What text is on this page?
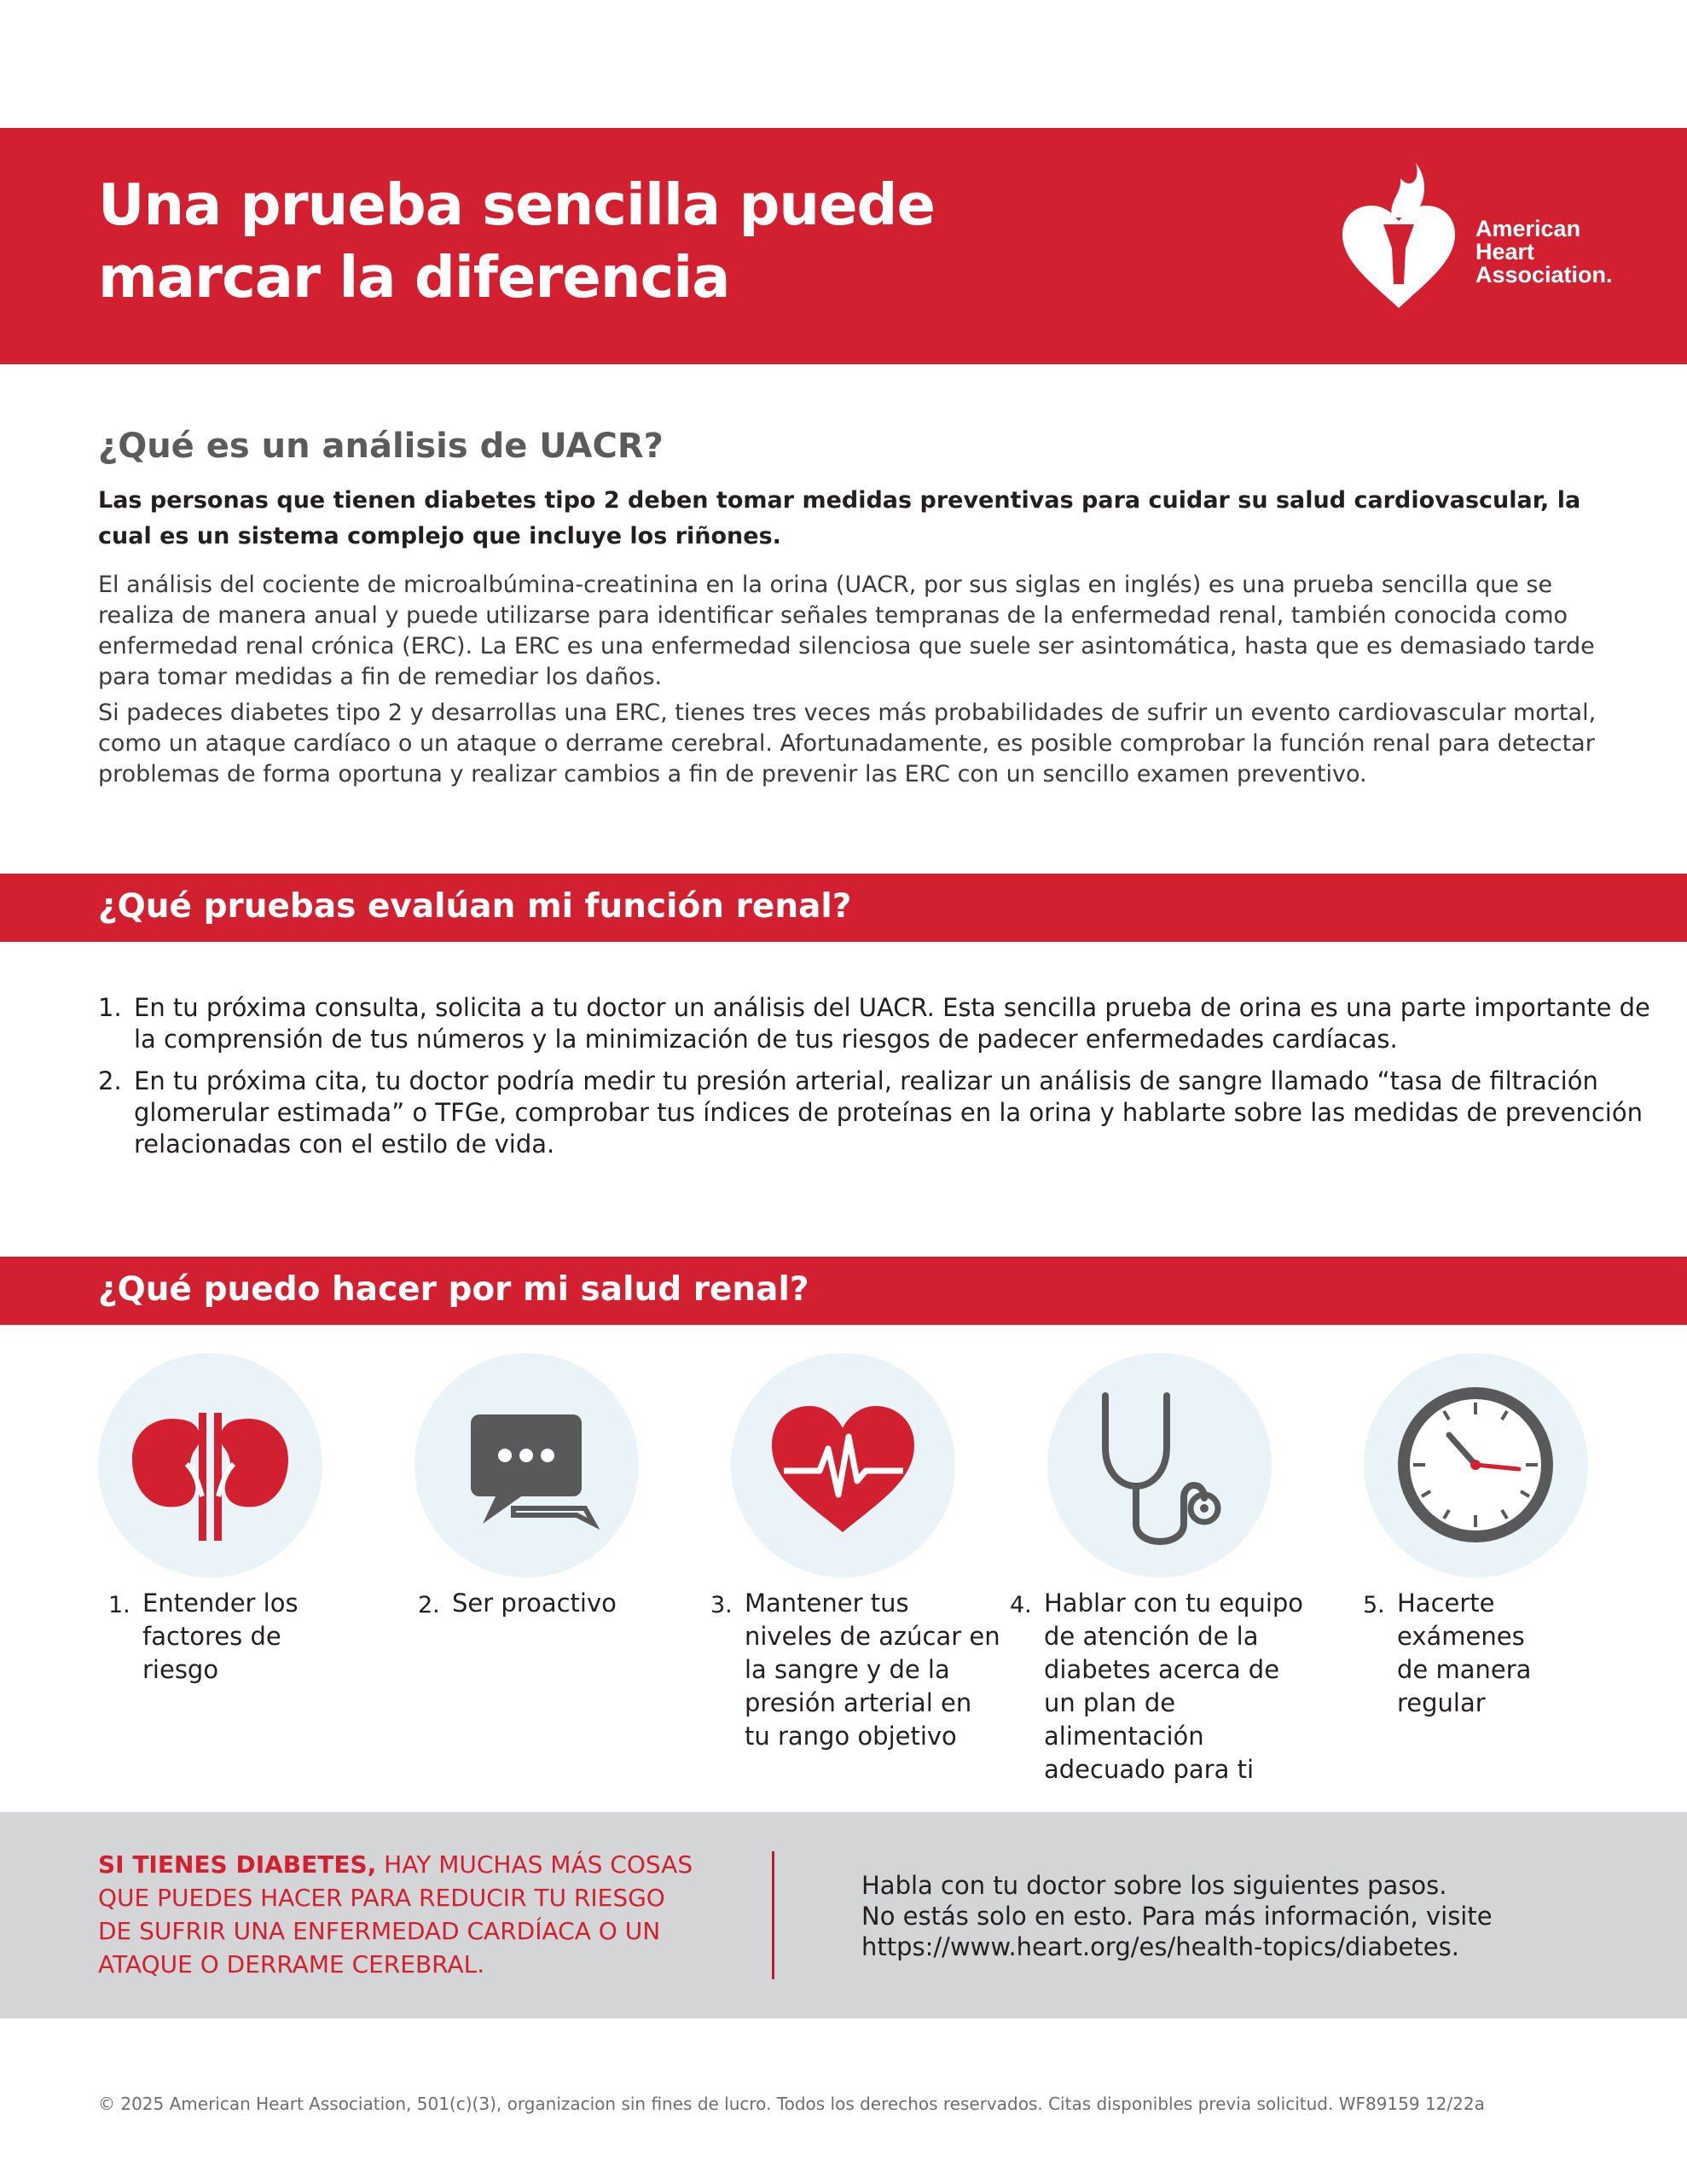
Una prueba sencilla puede
marcar la diferencia
American
Heart
Association.
¿Qué es un análisis de UACR?

Las personas que tienen diabetes tipo 2 deben tomar medidas preventivas para cuidar su salud cardiovascular, la cual es un sistema complejo que incluye los riñones.

El análisis del cociente de microalbúmina-creatinina en la orina (UACR, por sus siglas en inglés) es una prueba sencilla que se realiza de manera anual y puede utilizarse para identificar señales tempranas de la enfermedad renal, también conocida como enfermedad renal crónica (ERC). La ERC es una enfermedad silenciosa que suele ser asintomática, hasta que es demasiado tarde para tomar medidas a fin de remediar los daños.

Si padeces diabetes tipo 2 y desarrollas una ERC, tienes tres veces más probabilidades de sufrir un evento cardiovascular mortal, como un ataque cardíaco o un ataque o derrame cerebral. Afortunadamente, es posible comprobar la función renal para detectar problemas de forma oportuna y realizar cambios a fin de prevenir las ERC con un sencillo examen preventivo.

¿Qué pruebas evalúan mi función renal?
1. En tu próxima consulta, solicita a tu doctor un análisis del UACR. Esta sencilla prueba de orina es una parte importante de la comprensión de tus números y la minimización de tus riesgos de padecer enfermedades cardíacas.
2. En tu próxima cita, tu doctor podría medir tu presión arterial, realizar un análisis de sangre llamado “tasa de filtración glomerular estimada” o TFGe, comprobar tus índices de proteínas en la orina y hablarte sobre las medidas de prevención relacionadas con el estilo de vida.
¿Qué puedo hacer por mi salud renal?
1. Entender los factores de riesgo
2. Ser proactivo	3. Mantener tus niveles de azúcar en la sangre y de la presión arterial en tu rango objetivo
4. Hablar con tu equipo de atención de la diabetes acerca de un plan de alimentación adecuado para ti
5. Hacerte exámenes de manera regular

SI TIENES DIABETES, HAY MUCHAS MÁS COSAS QUE PUEDES HACER PARA REDUCIR TU RIESGO DE SUFRIR UNA ENFERMEDAD CARDÍACA O UN ATAQUE O DERRAME CEREBRAL.

Habla con tu doctor sobre los siguientes pasos.
No estás solo en esto. Para más información, visite
https://www.heart.org/es/health-topics/diabetes.

© 2025 American Heart Association, 501(c)(3), organizacion sin fines de lucro. Todos los derechos reservados. Citas disponibles previa solicitud. WF89159 12/22a
